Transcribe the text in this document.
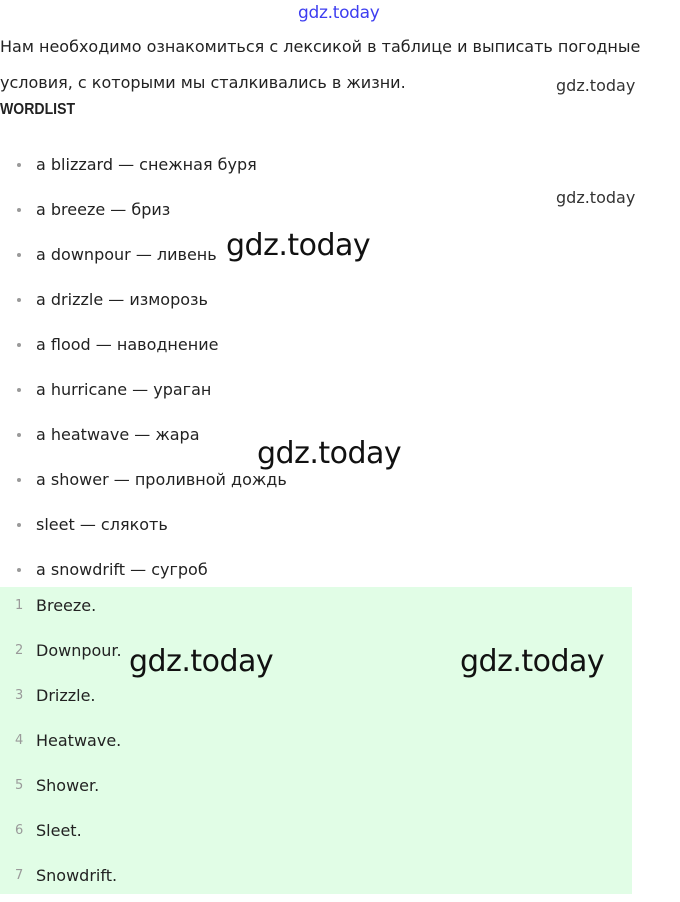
gdz.today

Нам необходимо ознакомиться с лексикой в таблице и выписать погодные условия, с которыми мы сталкивались в жизни.

WORDLIST
a blizzard — снежная буря
a breeze — бриз
a downpour — ливень
a drizzle — изморозь
a flood — наводнение
a hurricane — ураган
a heatwave — жара
a shower — проливной дождь
sleet — слякоть
a snowdrift — сугроб
1 Breeze.
2 Downpour.
3 Drizzle.
4 Heatwave.
5 Shower.
6 Sleet.
7 Snowdrift.
gdz.today
gdz.today
gdz.today
gdz.today
gdz.today	gdz.today
